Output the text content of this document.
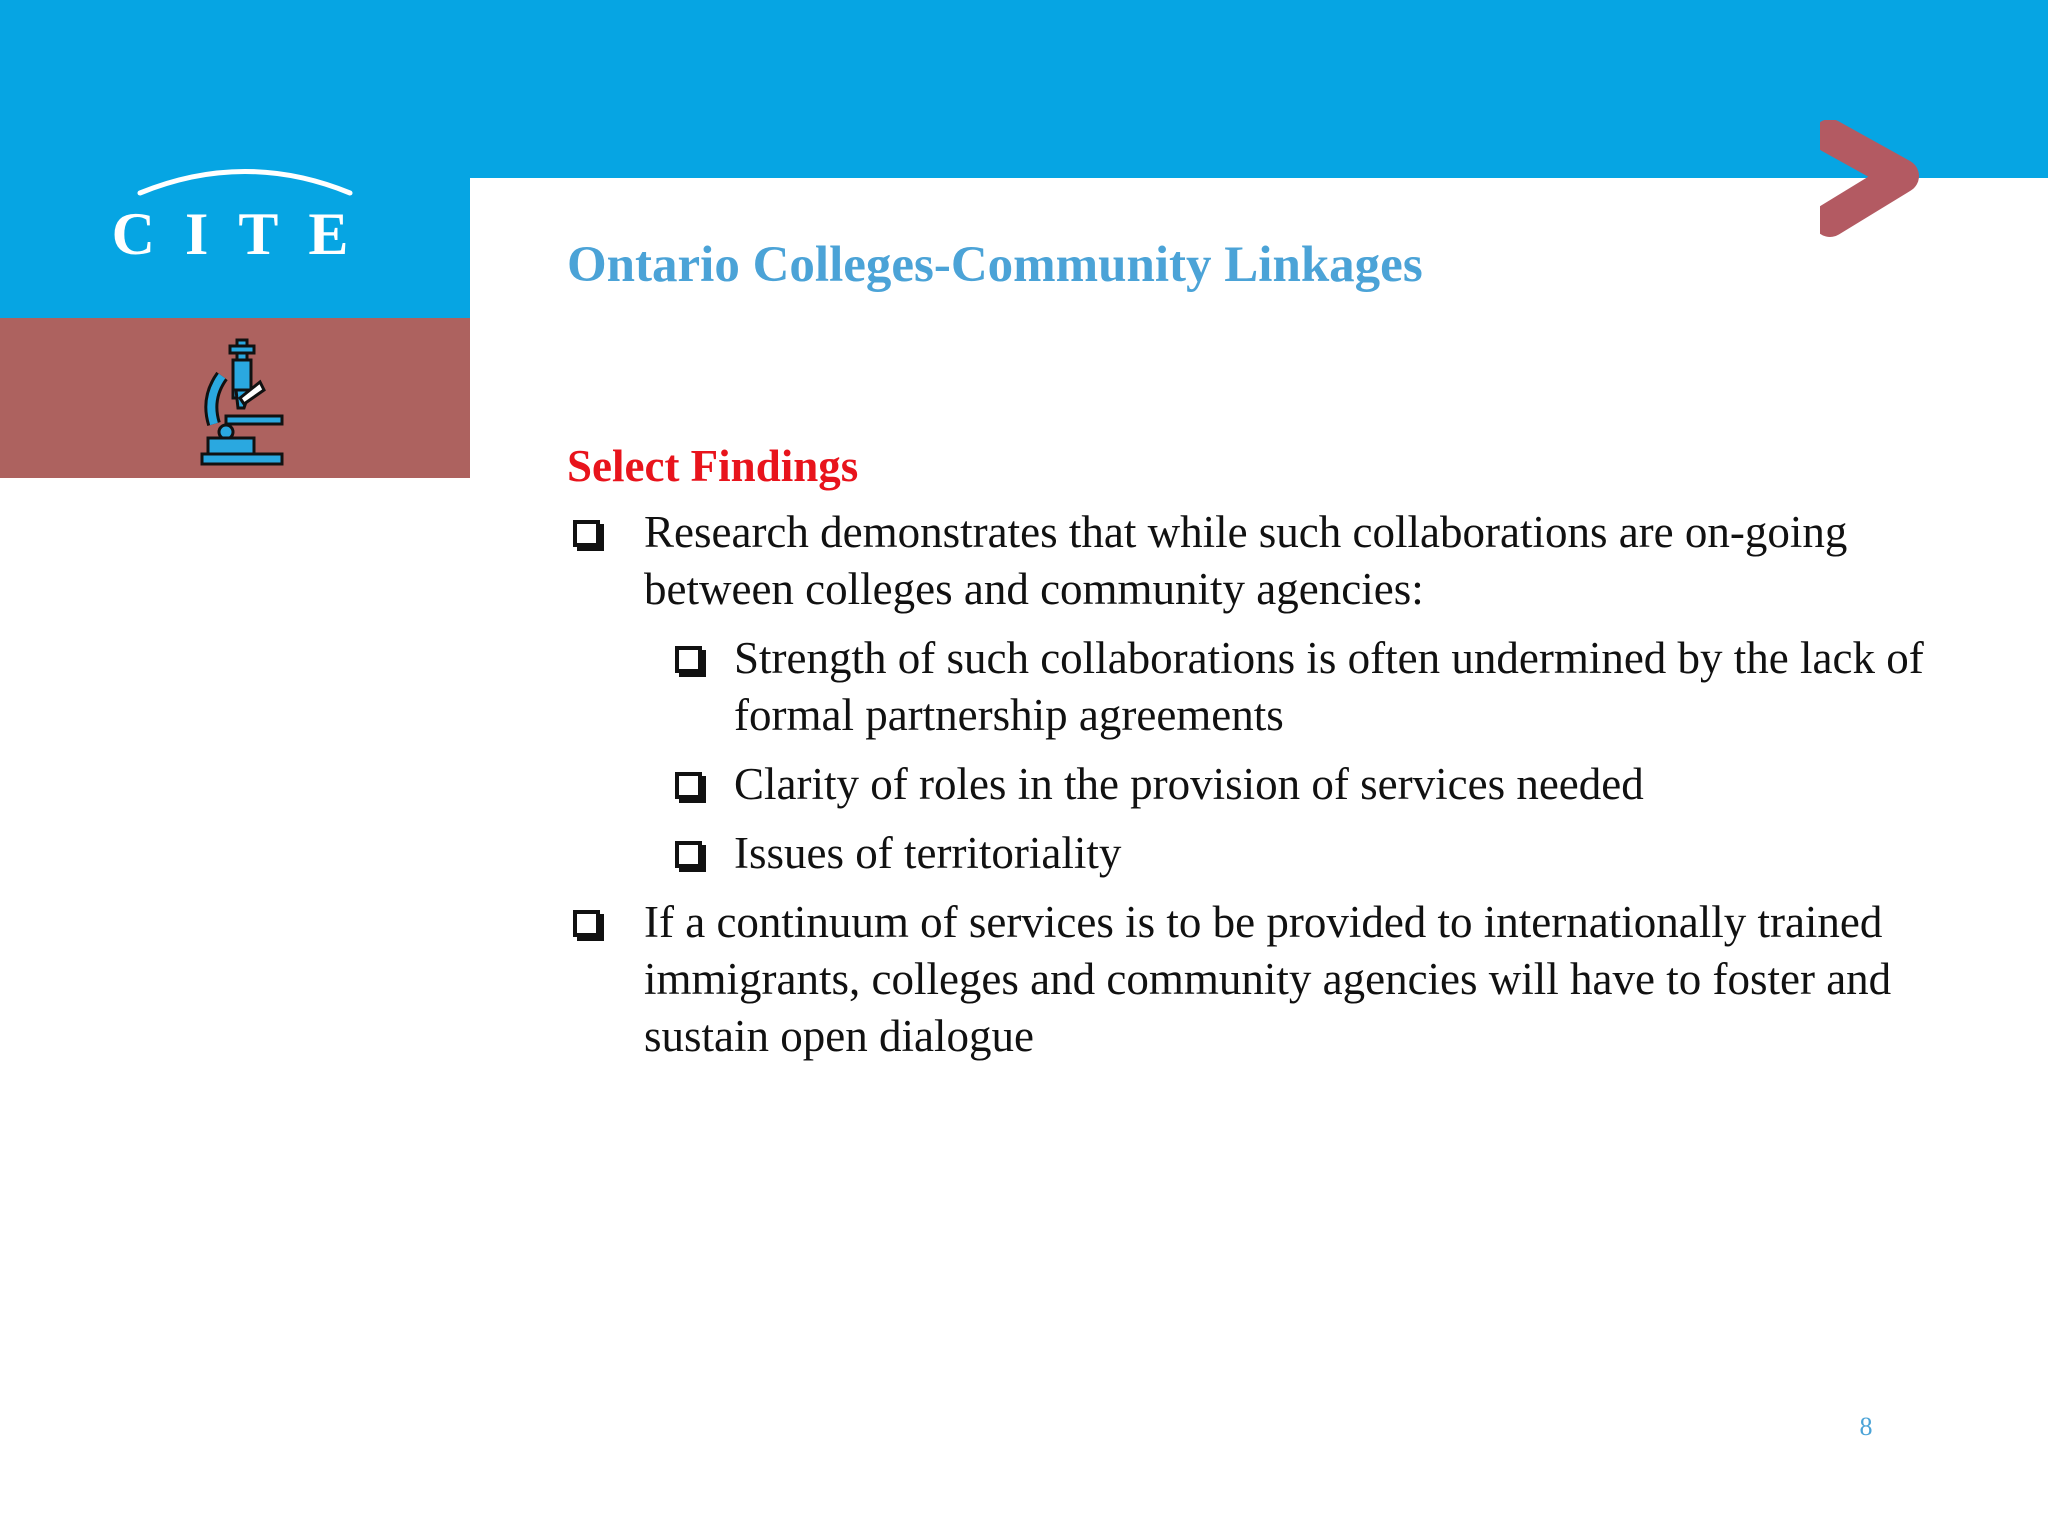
CITE	Ontario Colleges-Community Linkages
Select Findings
Research demonstrates that while such collaborations are on-going between colleges and community agencies:
Strength of such collaborations is often undermined by the lack of formal partnership agreements
Clarity of roles in the provision of services needed
Issues of territoriality
If a continuum of services is to be provided to internationally trained immigrants, colleges and community agencies will have to foster and sustain open dialogue
8
